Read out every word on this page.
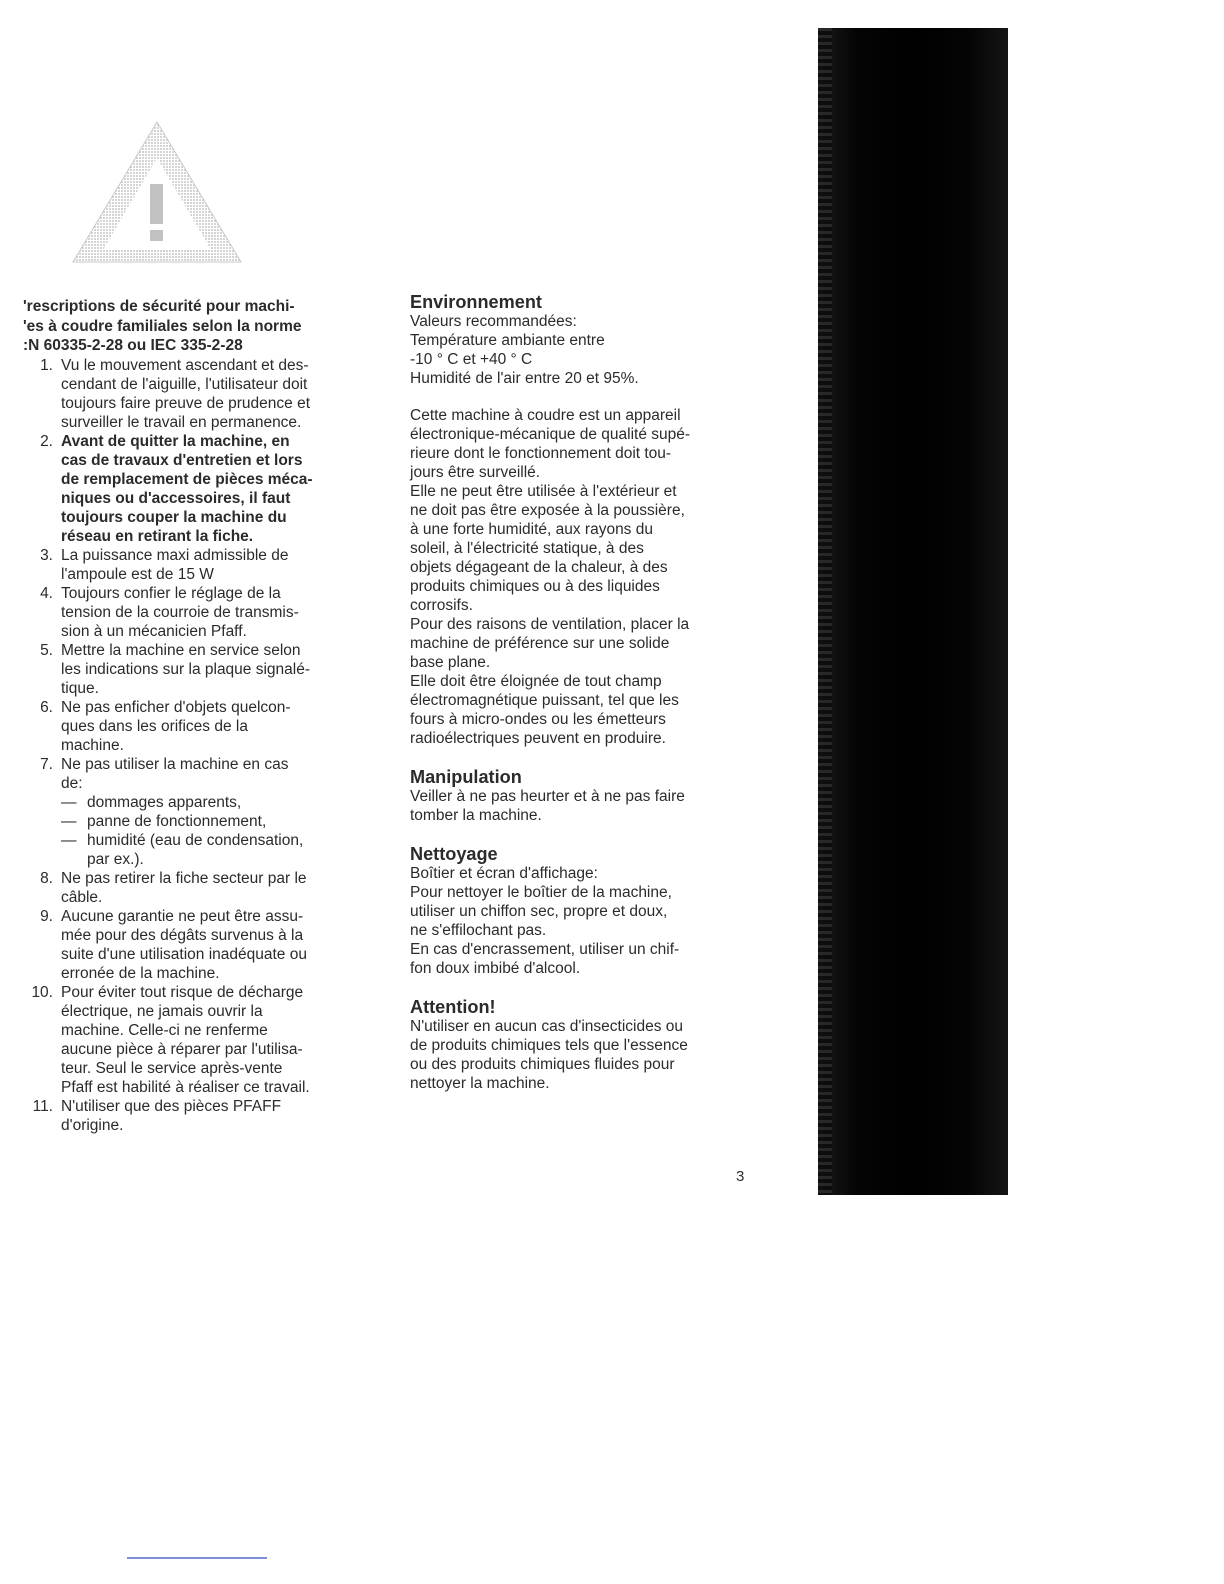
'rescriptions de sécurité pour machi-
'es à coudre familiales selon la norme
:N 60335-2-28 ou IEC 335-2-28
1. Vu le mouvement ascendant et des-
cendant de l'aiguille, l'utilisateur doit
toujours faire preuve de prudence et
surveiller le travail en permanence.
2. Avant de quitter la machine, en
cas de travaux d'entretien et lors
de remplacement de pièces méca-
niques ou d'accessoires, il faut
toujours couper la machine du
réseau en retirant la fiche.
3. La puissance maxi admissible de
l'ampoule est de 15 W
4. Toujours confier le réglage de la
tension de la courroie de transmis-
sion à un mécanicien Pfaff.
5. Mettre la machine en service selon
les indications sur la plaque signalé-
tique.
6. Ne pas enficher d'objets quelcon-
ques dans les orifices de la
machine.
7. Ne pas utiliser la machine en cas
de:
—
dommages apparents,
—
panne de fonctionnement,
—
humidité (eau de condensation,
par ex.).
8. Ne pas retirer la fiche secteur par le
câble.
9. Aucune garantie ne peut être assu-
mée pour des dégâts survenus à la
suite d'une utilisation inadéquate ou
erronée de la machine.
10. Pour éviter tout risque de décharge
électrique, ne jamais ouvrir la
machine. Celle-ci ne renferme
aucune pièce à réparer par l'utilisa-
teur. Seul le service après-vente
Pfaff est habilité à réaliser ce travail.
11. N'utiliser que des pièces PFAFF
d'origine.
Environnement

Valeurs recommandées:
Température ambiante entre
-10 ° C et +40 ° C
Humidité de l'air entre 20 et 95%.

Cette machine à coudre est un appareil
électronique-mécanique de qualité supé-
rieure dont le fonctionnement doit tou-
jours être surveillé.
Elle ne peut être utilisée à l'extérieur et
ne doit pas être exposée à la poussière,
à une forte humidité, aux rayons du
soleil, à l'électricité statique, à des
objets dégageant de la chaleur, à des
produits chimiques ou à des liquides
corrosifs.
Pour des raisons de ventilation, placer la
machine de préférence sur une solide
base plane.
Elle doit être éloignée de tout champ
électromagnétique puissant, tel que les
fours à micro-ondes ou les émetteurs
radioélectriques peuvent en produire.

Manipulation

Veiller à ne pas heurter et à ne pas faire
tomber la machine.

Nettoyage

Boîtier et écran d'affichage:
Pour nettoyer le boîtier de la machine,
utiliser un chiffon sec, propre et doux,
ne s'effilochant pas.
En cas d'encrassement, utiliser un chif-
fon doux imbibé d'alcool.

Attention!

N'utiliser en aucun cas d'insecticides ou
de produits chimiques tels que l'essence
ou des produits chimiques fluides pour
nettoyer la machine.

3
